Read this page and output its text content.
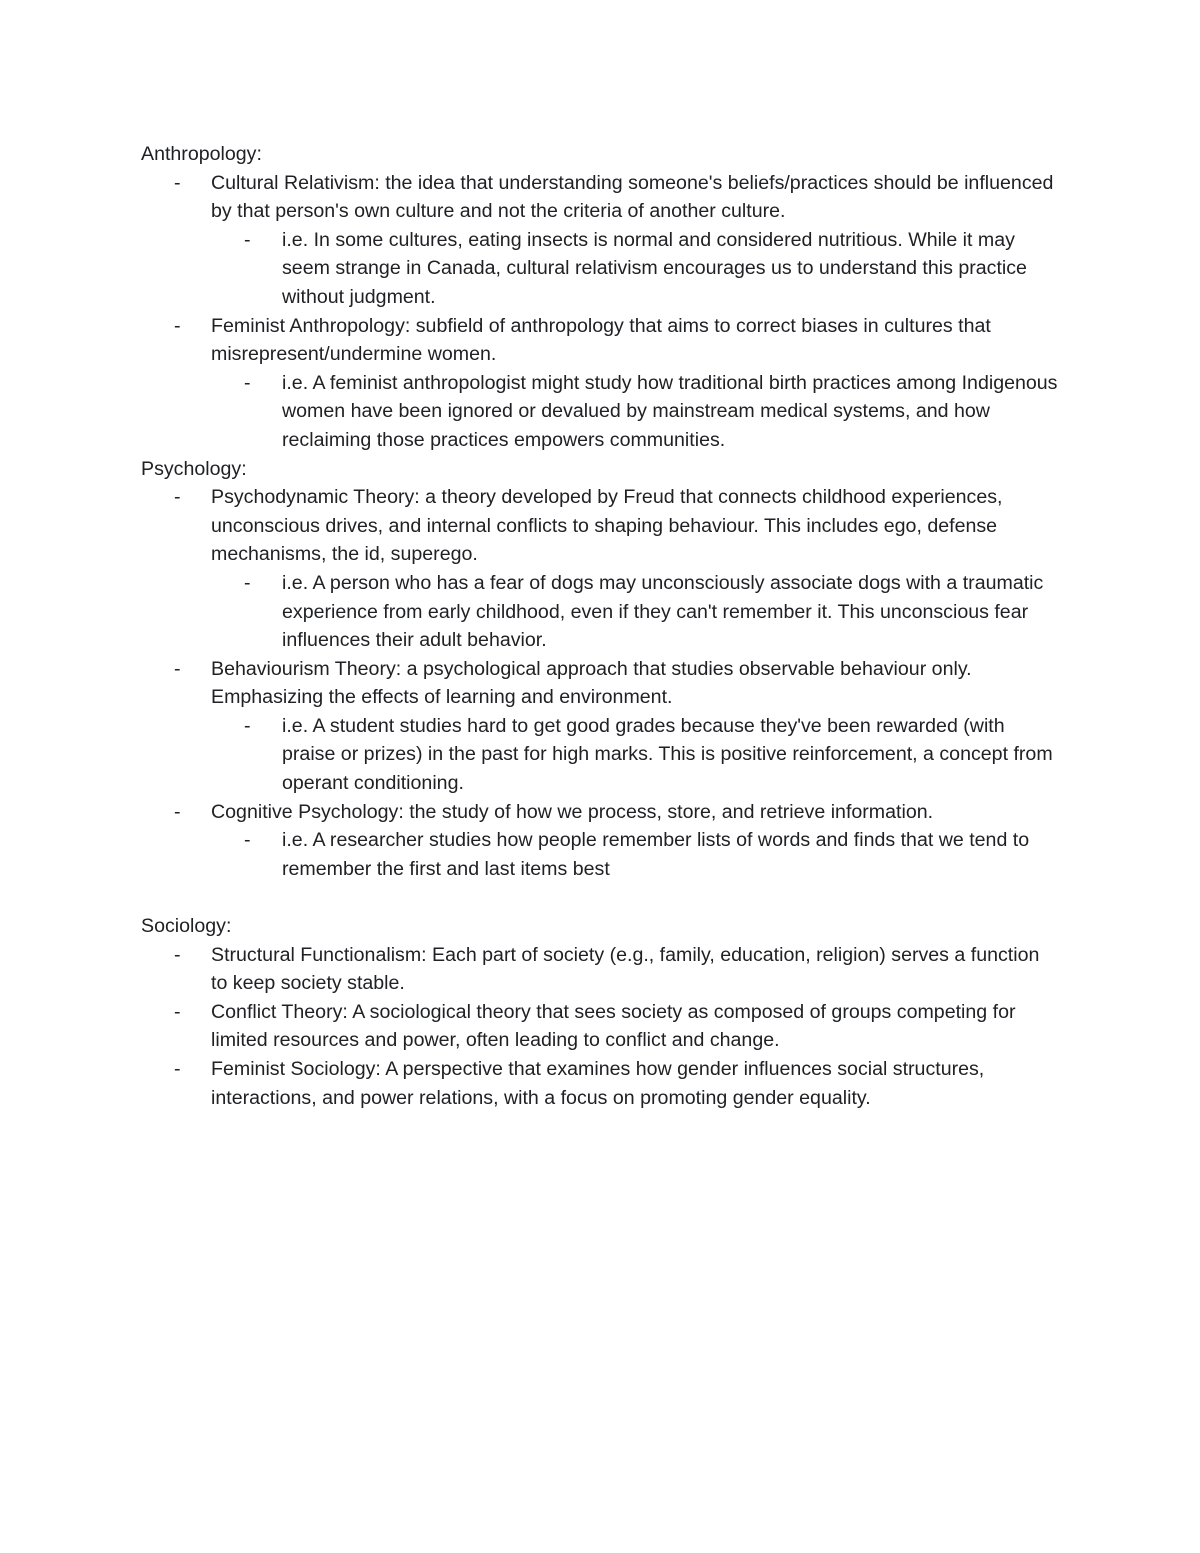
Anthropology:

-	Cultural Relativism: the idea that understanding someone's beliefs/practices should be influenced by that person's own culture and not the criteria of another culture.
-	i.e. In some cultures, eating insects is normal and considered nutritious. While it may seem strange in Canada, cultural relativism encourages us to understand this practice without judgment.
-	Feminist Anthropology: subfield of anthropology that aims to correct biases in cultures that misrepresent/undermine women.
-	i.e. A feminist anthropologist might study how traditional birth practices among Indigenous women have been ignored or devalued by mainstream medical systems, and how reclaiming those practices empowers communities.

Psychology:

-	Psychodynamic Theory: a theory developed by Freud that connects childhood experiences, unconscious drives, and internal conflicts to shaping behaviour. This includes ego, defense mechanisms, the id, superego.
-	i.e. A person who has a fear of dogs may unconsciously associate dogs with a traumatic experience from early childhood, even if they can't remember it. This unconscious fear influences their adult behavior.
-	Behaviourism Theory: a psychological approach that studies observable behaviour only. Emphasizing the effects of learning and environment.
-	i.e. A student studies hard to get good grades because they've been rewarded (with praise or prizes) in the past for high marks. This is positive reinforcement, a concept from operant conditioning.
-	Cognitive Psychology: the study of how we process, store, and retrieve information.
-	i.e. A researcher studies how people remember lists of words and finds that we tend to remember the first and last items best

Sociology:

-	Structural Functionalism: Each part of society (e.g., family, education, religion) serves a function to keep society stable.
-	Conflict Theory: A sociological theory that sees society as composed of groups competing for limited resources and power, often leading to conflict and change.
-	Feminist Sociology: A perspective that examines how gender influences social structures, interactions, and power relations, with a focus on promoting gender equality.
